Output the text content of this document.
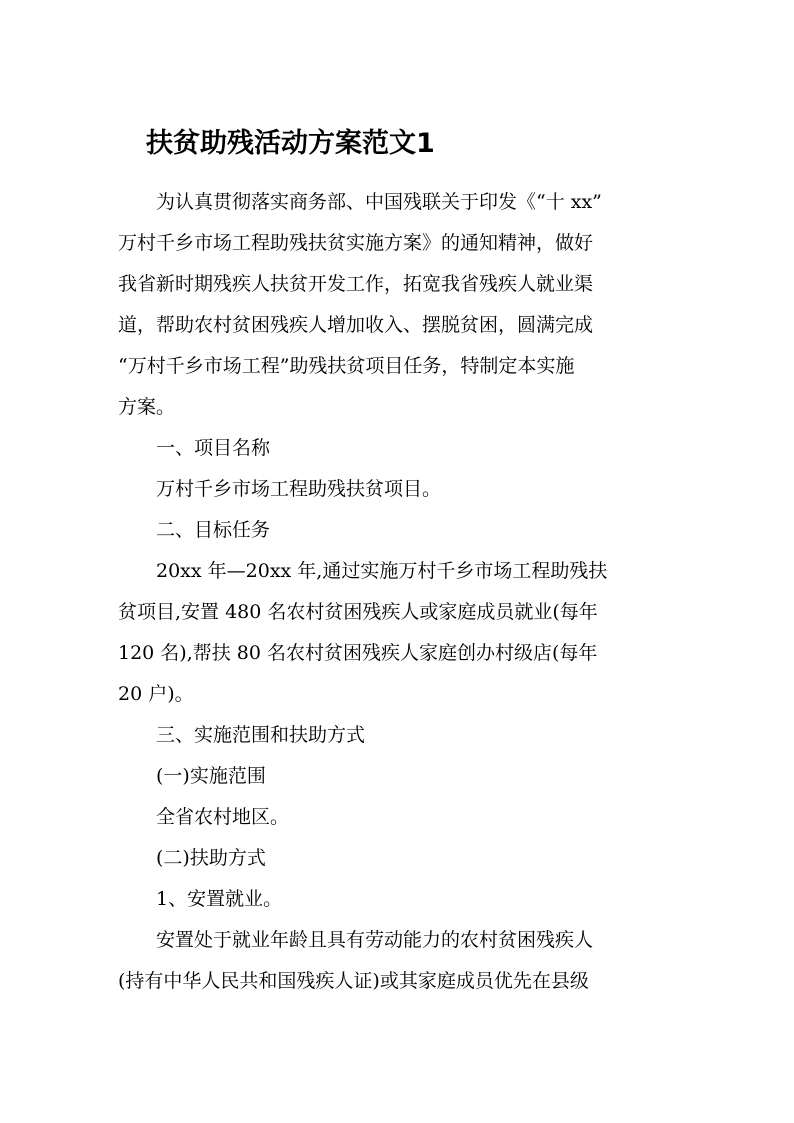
扶贫助残活动方案范文1
为认真贯彻落实商务部、中国残联关于印发《“十 xx”
万村千乡市场工程助残扶贫实施方案》的通知精神，做好
我省新时期残疾人扶贫开发工作，拓宽我省残疾人就业渠
道，帮助农村贫困残疾人增加收入、摆脱贫困，圆满完成
“万村千乡市场工程”助残扶贫项目任务，特制定本实施
方案。
一、项目名称
万村千乡市场工程助残扶贫项目。
二、目标任务
20xx 年—20xx 年,通过实施万村千乡市场工程助残扶
贫项目,安置 480 名农村贫困残疾人或家庭成员就业(每年
120 名),帮扶 80 名农村贫困残疾人家庭创办村级店(每年
20 户)。
三、实施范围和扶助方式
(一)实施范围
全省农村地区。
(二)扶助方式
1、安置就业。
安置处于就业年龄且具有劳动能力的农村贫困残疾人
(持有中华人民共和国残疾人证)或其家庭成员优先在县级
